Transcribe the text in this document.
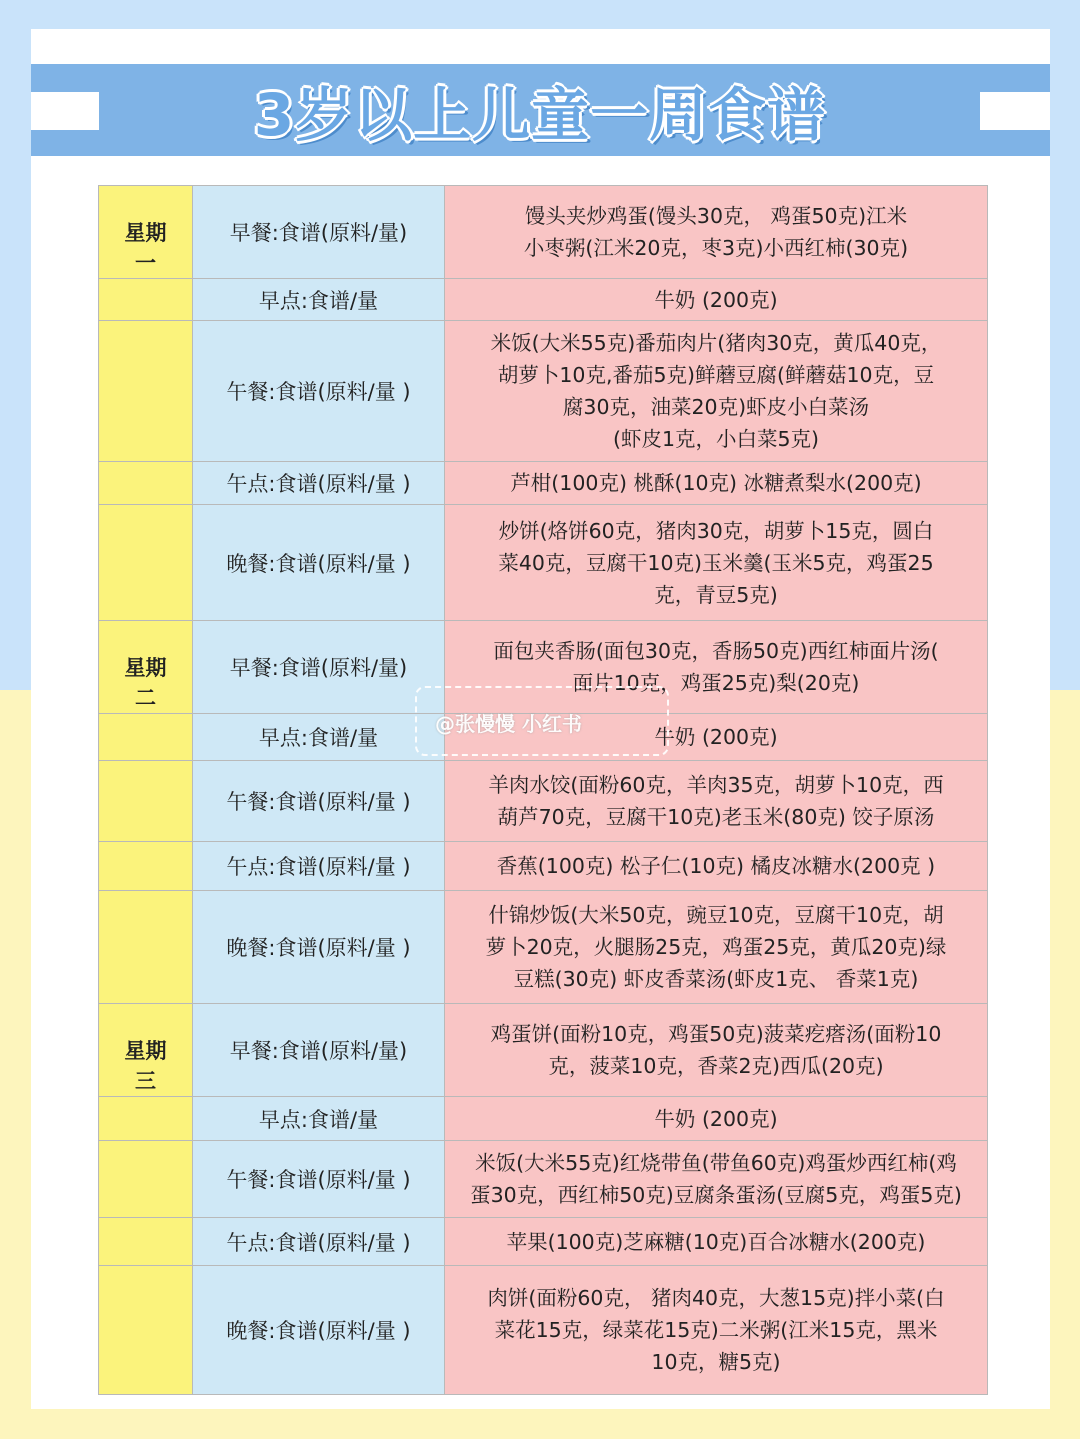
3岁以上儿童一周食谱
星期
一	早餐:食谱(原料/量)	馒头夹炒鸡蛋(馒头30克， 鸡蛋50克)江米
小枣粥(江米20克，枣3克)小西红柿(30克)

	早点:食谱/量	牛奶 (200克)

	午餐:食谱(原料/量 )	米饭(大米55克)番茄肉片(猪肉30克，黄瓜40克，
胡萝卜10克,番茄5克)鲜蘑豆腐(鲜蘑菇10克，豆
腐30克，油菜20克)虾皮小白菜汤
(虾皮1克，小白菜5克)

	午点:食谱(原料/量 )	芦柑(100克) 桃酥(10克) 冰糖煮梨水(200克)

	晚餐:食谱(原料/量 )	炒饼(烙饼60克，猪肉30克，胡萝卜15克，圆白
菜40克，豆腐干10克)玉米羹(玉米5克，鸡蛋25
克，青豆5克)

星期
二	早餐:食谱(原料/量)	面包夹香肠(面包30克，香肠50克)西红柿面片汤(
面片10克，鸡蛋25克)梨(20克)

	早点:食谱/量	牛奶 (200克)

	午餐:食谱(原料/量 )	羊肉水饺(面粉60克，羊肉35克，胡萝卜10克，西
葫芦70克，豆腐干10克)老玉米(80克) 饺子原汤

	午点:食谱(原料/量 )	香蕉(100克) 松子仁(10克) 橘皮冰糖水(200克 )

	晚餐:食谱(原料/量 )	什锦炒饭(大米50克，豌豆10克，豆腐干10克，胡
萝卜20克，火腿肠25克，鸡蛋25克，黄瓜20克)绿
豆糕(30克) 虾皮香菜汤(虾皮1克、 香菜1克)

星期
三	早餐:食谱(原料/量)	鸡蛋饼(面粉10克，鸡蛋50克)菠菜疙瘩汤(面粉10
克，菠菜10克，香菜2克)西瓜(20克)

	早点:食谱/量	牛奶 (200克)

	午餐:食谱(原料/量 )	米饭(大米55克)红烧带鱼(带鱼60克)鸡蛋炒西红柿(鸡
蛋30克，西红柿50克)豆腐条蛋汤(豆腐5克，鸡蛋5克)

	午点:食谱(原料/量 )	苹果(100克)芝麻糖(10克)百合冰糖水(200克)

	晚餐:食谱(原料/量 )	肉饼(面粉60克， 猪肉40克，大葱15克)拌小菜(白
菜花15克，绿菜花15克)二米粥(江米15克，黑米
10克，糖5克)
@张慢慢 小红书
